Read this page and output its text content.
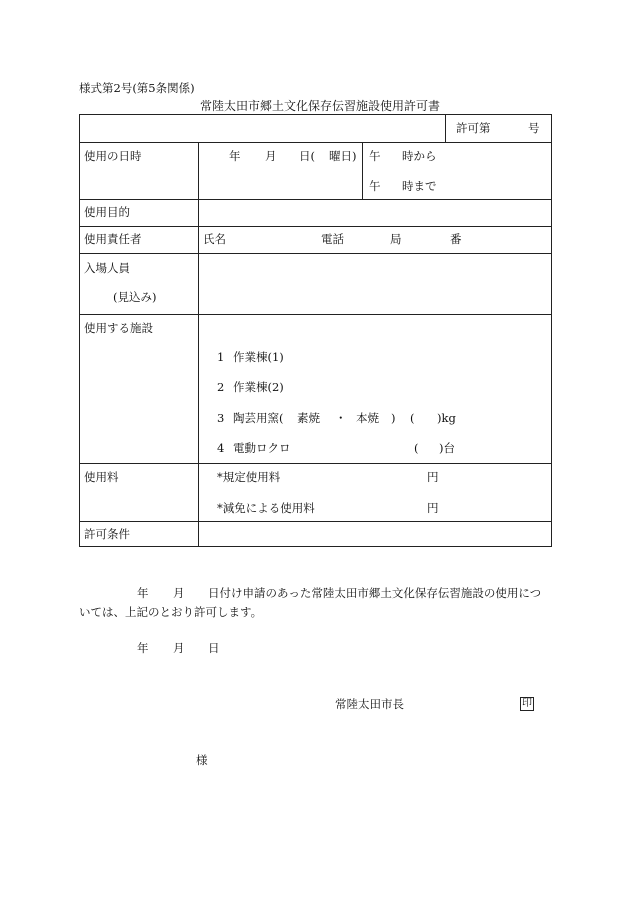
様式第2号(第5条関係)
常陸太田市郷土文化保存伝習施設使用許可書
許可第	号
使用の日時	年 月 日( 曜日) 午 時から
午 時まで
使用目的
使用責任者	氏名	電話	局	番
入場人員
(見込み)
使用する施設
1 作業棟(1)
2 作業棟(2)
3 陶芸用窯( 素焼 ・ 本焼 ) ( )kg
4 電動ロクロ	( )台
使用料	*規定使用料	円
*減免による使用料	円
許可条件
年 月 日付け申請のあった常陸太田市郷土文化保存伝習施設の使用につ
いては、上記のとおり許可します。
年 月 日
常陸太田市長	印
様
